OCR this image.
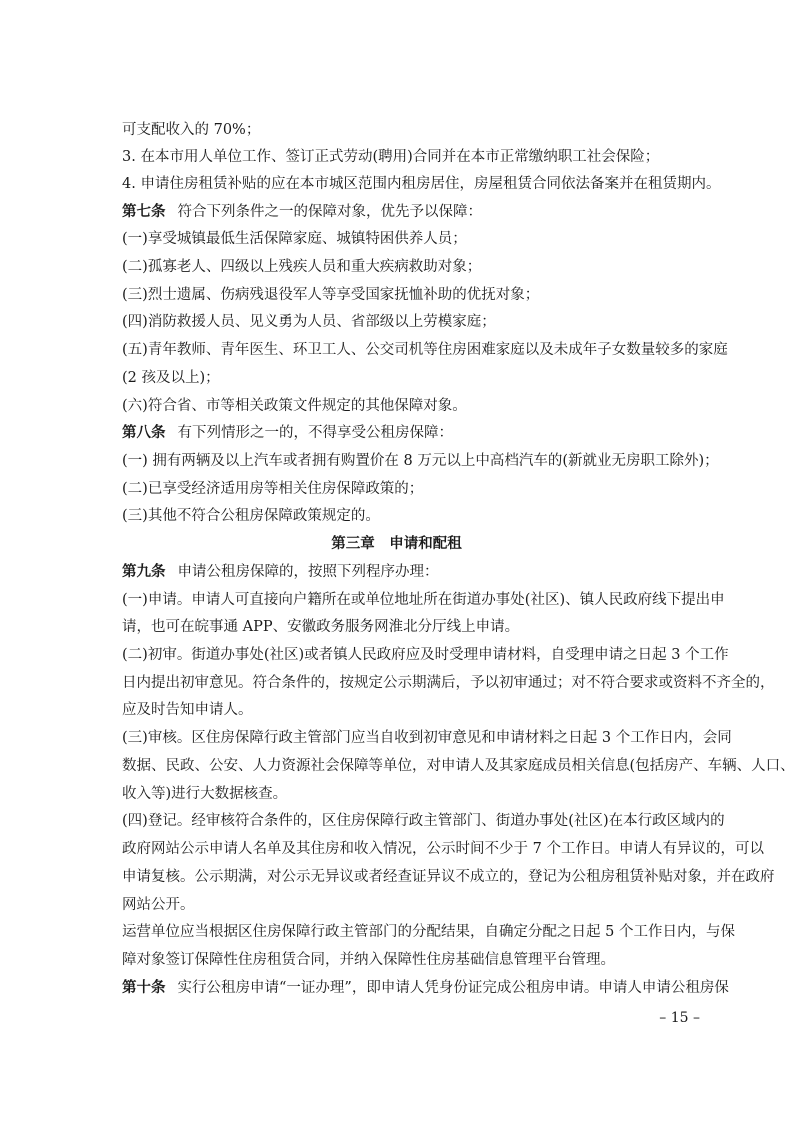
可支配收入的 70%；
3. 在本市用人单位工作、签订正式劳动(聘用)合同并在本市正常缴纳职工社会保险；
4. 申请住房租赁补贴的应在本市城区范围内租房居住，房屋租赁合同依法备案并在租赁期内。
第七条 符合下列条件之一的保障对象，优先予以保障：
(一)享受城镇最低生活保障家庭、城镇特困供养人员；
(二)孤寡老人、四级以上残疾人员和重大疾病救助对象；
(三)烈士遗属、伤病残退役军人等享受国家抚恤补助的优抚对象；
(四)消防救援人员、见义勇为人员、省部级以上劳模家庭；
(五)青年教师、青年医生、环卫工人、公交司机等住房困难家庭以及未成年子女数量较多的家庭
(2 孩及以上)；
(六)符合省、市等相关政策文件规定的其他保障对象。
第八条 有下列情形之一的，不得享受公租房保障：
(一) 拥有两辆及以上汽车或者拥有购置价在 8 万元以上中高档汽车的(新就业无房职工除外)；
(二)已享受经济适用房等相关住房保障政策的；
(三)其他不符合公租房保障政策规定的。
第三章　申请和配租
第九条 申请公租房保障的，按照下列程序办理：
(一)申请。申请人可直接向户籍所在或单位地址所在街道办事处(社区)、镇人民政府线下提出申
请，也可在皖事通 APP、安徽政务服务网淮北分厅线上申请。
(二)初审。街道办事处(社区)或者镇人民政府应及时受理申请材料，自受理申请之日起 3 个工作
日内提出初审意见。符合条件的，按规定公示期满后，予以初审通过；对不符合要求或资料不齐全的，
应及时告知申请人。
(三)审核。区住房保障行政主管部门应当自收到初审意见和申请材料之日起 3 个工作日内，会同
数据、民政、公安、人力资源社会保障等单位，对申请人及其家庭成员相关信息(包括房产、车辆、人口、
收入等)进行大数据核查。
(四)登记。经审核符合条件的，区住房保障行政主管部门、街道办事处(社区)在本行政区域内的
政府网站公示申请人名单及其住房和收入情况，公示时间不少于 7 个工作日。申请人有异议的，可以
申请复核。公示期满，对公示无异议或者经查证异议不成立的，登记为公租房租赁补贴对象，并在政府
网站公开。
运营单位应当根据区住房保障行政主管部门的分配结果，自确定分配之日起 5 个工作日内，与保
障对象签订保障性住房租赁合同，并纳入保障性住房基础信息管理平台管理。
第十条 实行公租房申请“一证办理”，即申请人凭身份证完成公租房申请。申请人申请公租房保
– 15 –
